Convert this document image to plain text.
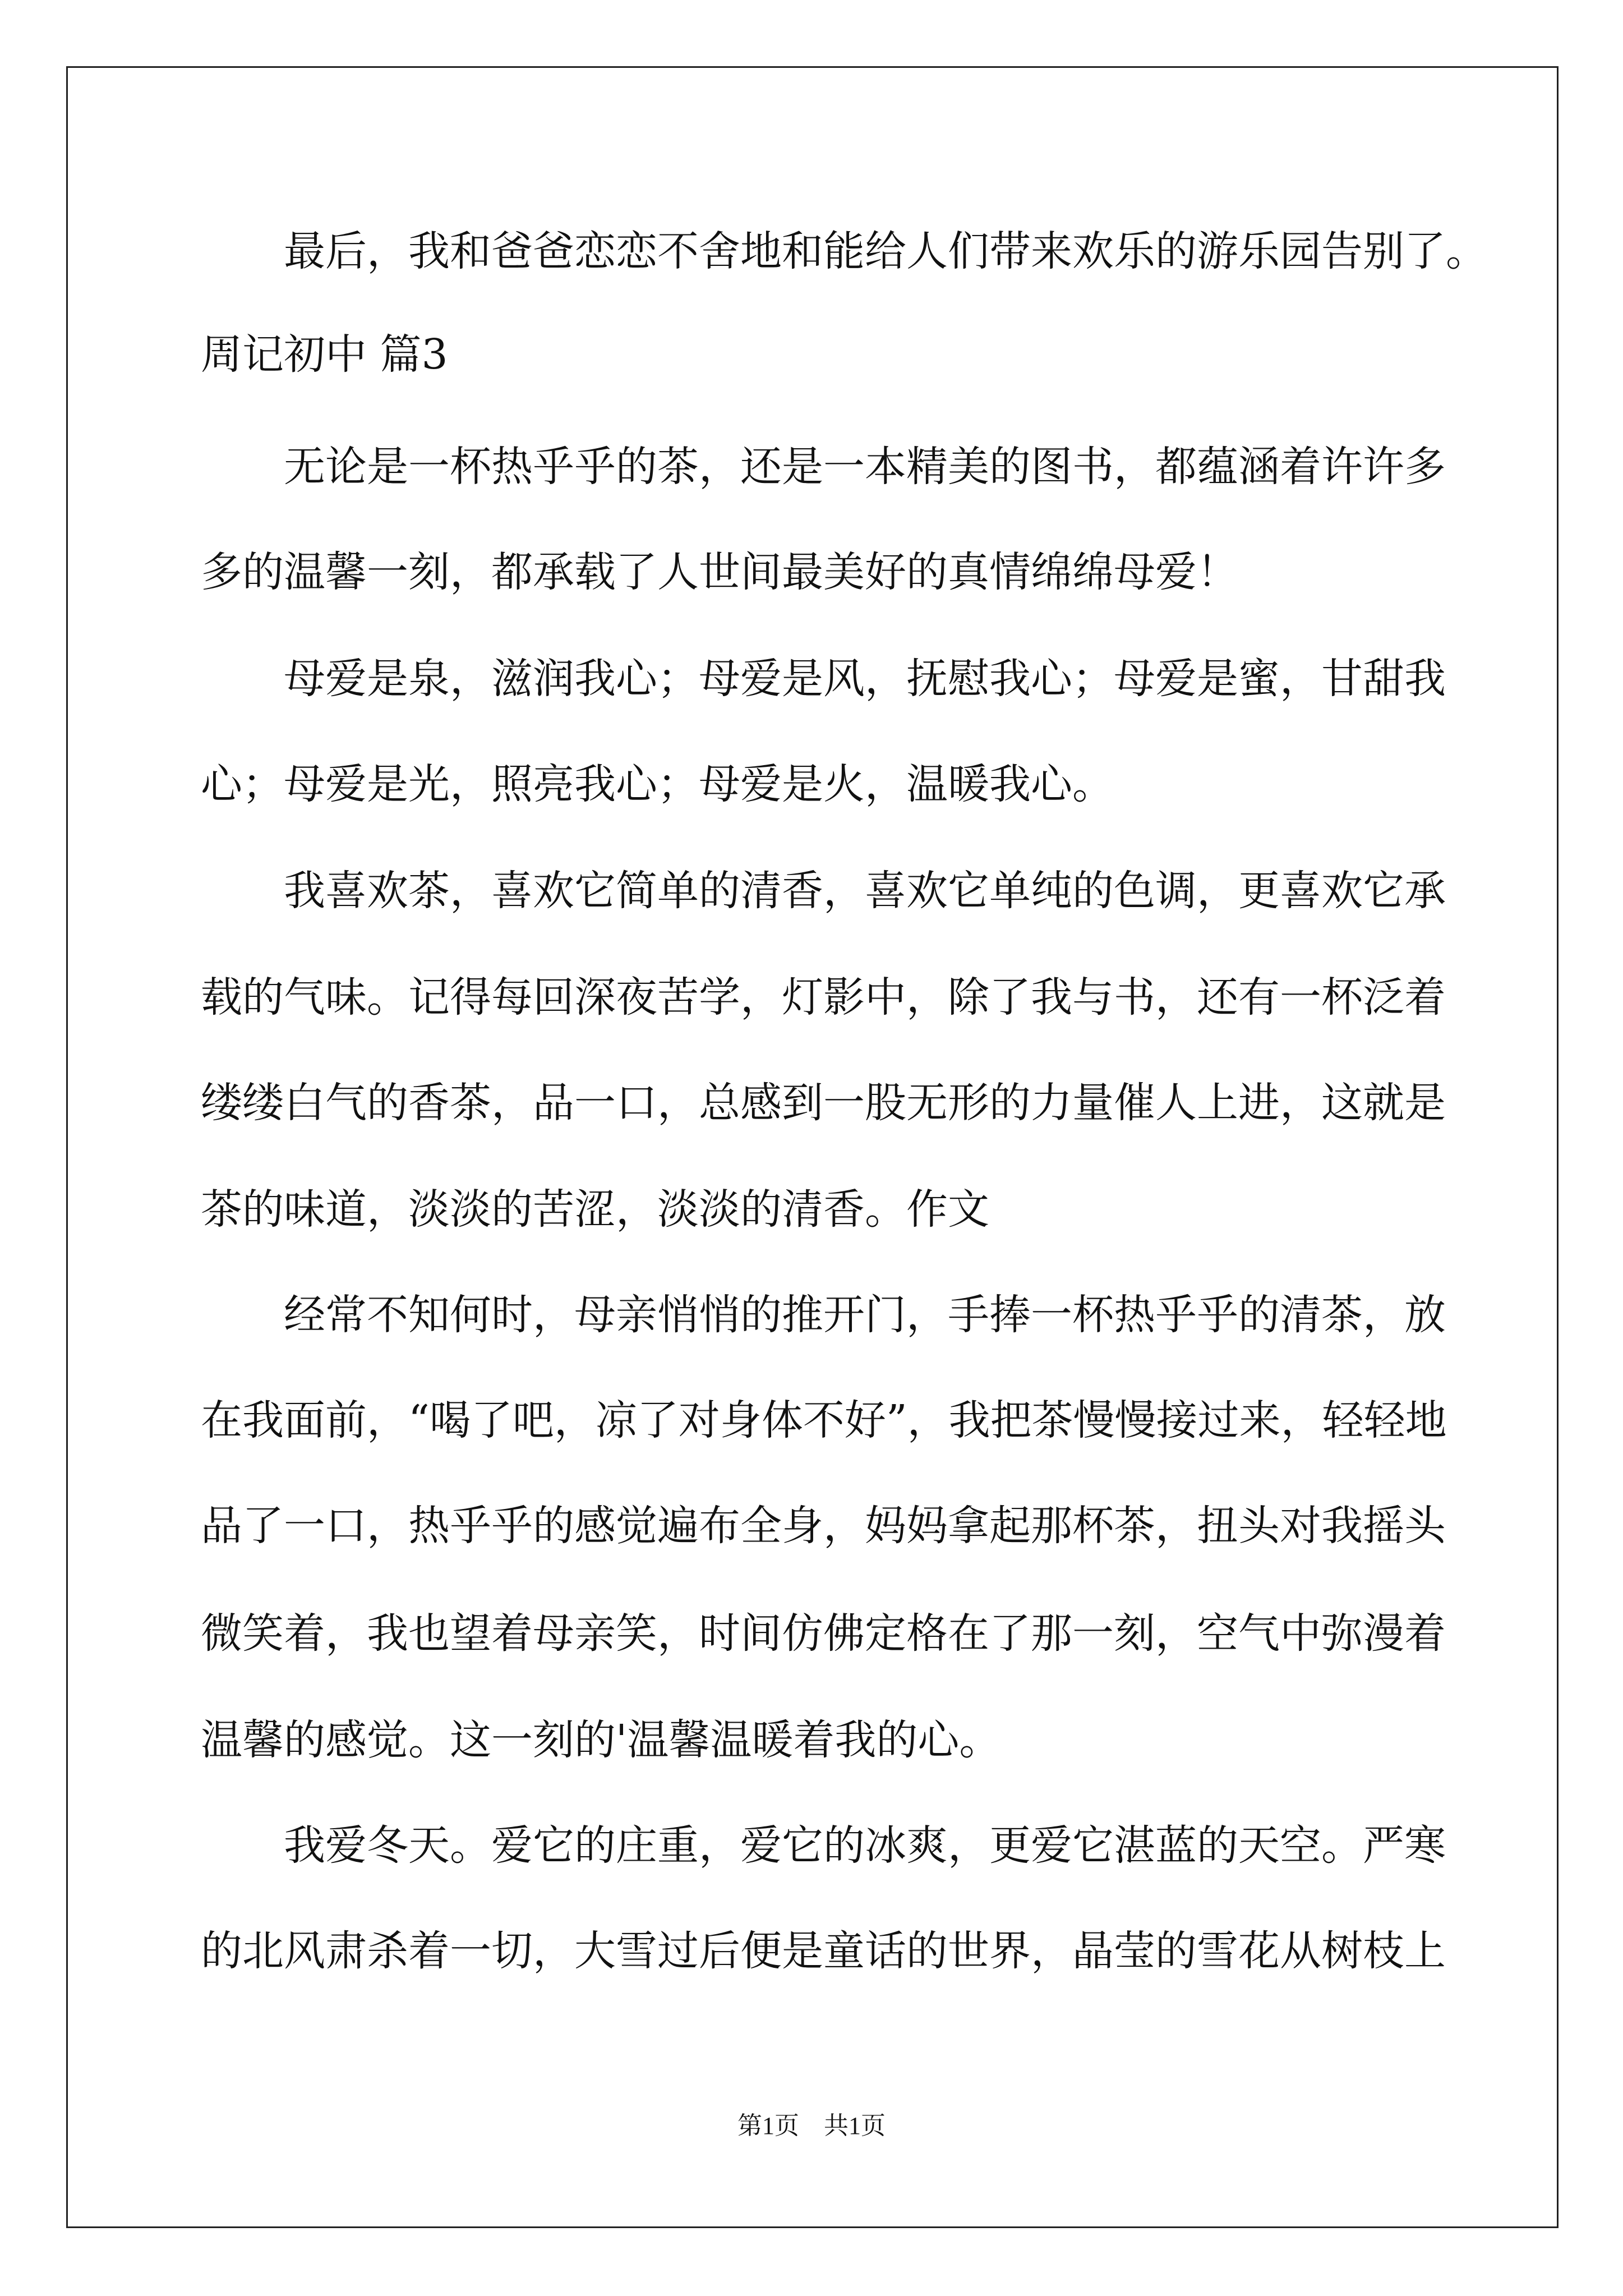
最后，我和爸爸恋恋不舍地和能给人们带来欢乐的游乐园告别了。
周记初中 篇3
无论是一杯热乎乎的茶，还是一本精美的图书，都蕴涵着许许多
多的温馨一刻，都承载了人世间最美好的真情绵绵母爱！
母爱是泉，滋润我心；母爱是风，抚慰我心；母爱是蜜，甘甜我
心；母爱是光，照亮我心；母爱是火，温暖我心。
我喜欢茶，喜欢它简单的清香，喜欢它单纯的色调，更喜欢它承
载的气味。记得每回深夜苦学，灯影中，除了我与书，还有一杯泛着
缕缕白气的香茶，品一口，总感到一股无形的力量催人上进，这就是
茶的味道，淡淡的苦涩，淡淡的清香。作文
经常不知何时，母亲悄悄的推开门，手捧一杯热乎乎的清茶，放
在我面前，“喝了吧，凉了对身体不好”，我把茶慢慢接过来，轻轻地
品了一口，热乎乎的感觉遍布全身，妈妈拿起那杯茶，扭头对我摇头
微笑着，我也望着母亲笑，时间仿佛定格在了那一刻，空气中弥漫着
温馨的感觉。这一刻的'温馨温暖着我的心。
我爱冬天。爱它的庄重，爱它的冰爽，更爱它湛蓝的天空。严寒
的北风肃杀着一切，大雪过后便是童话的世界，晶莹的雪花从树枝上
第1页　共1页
